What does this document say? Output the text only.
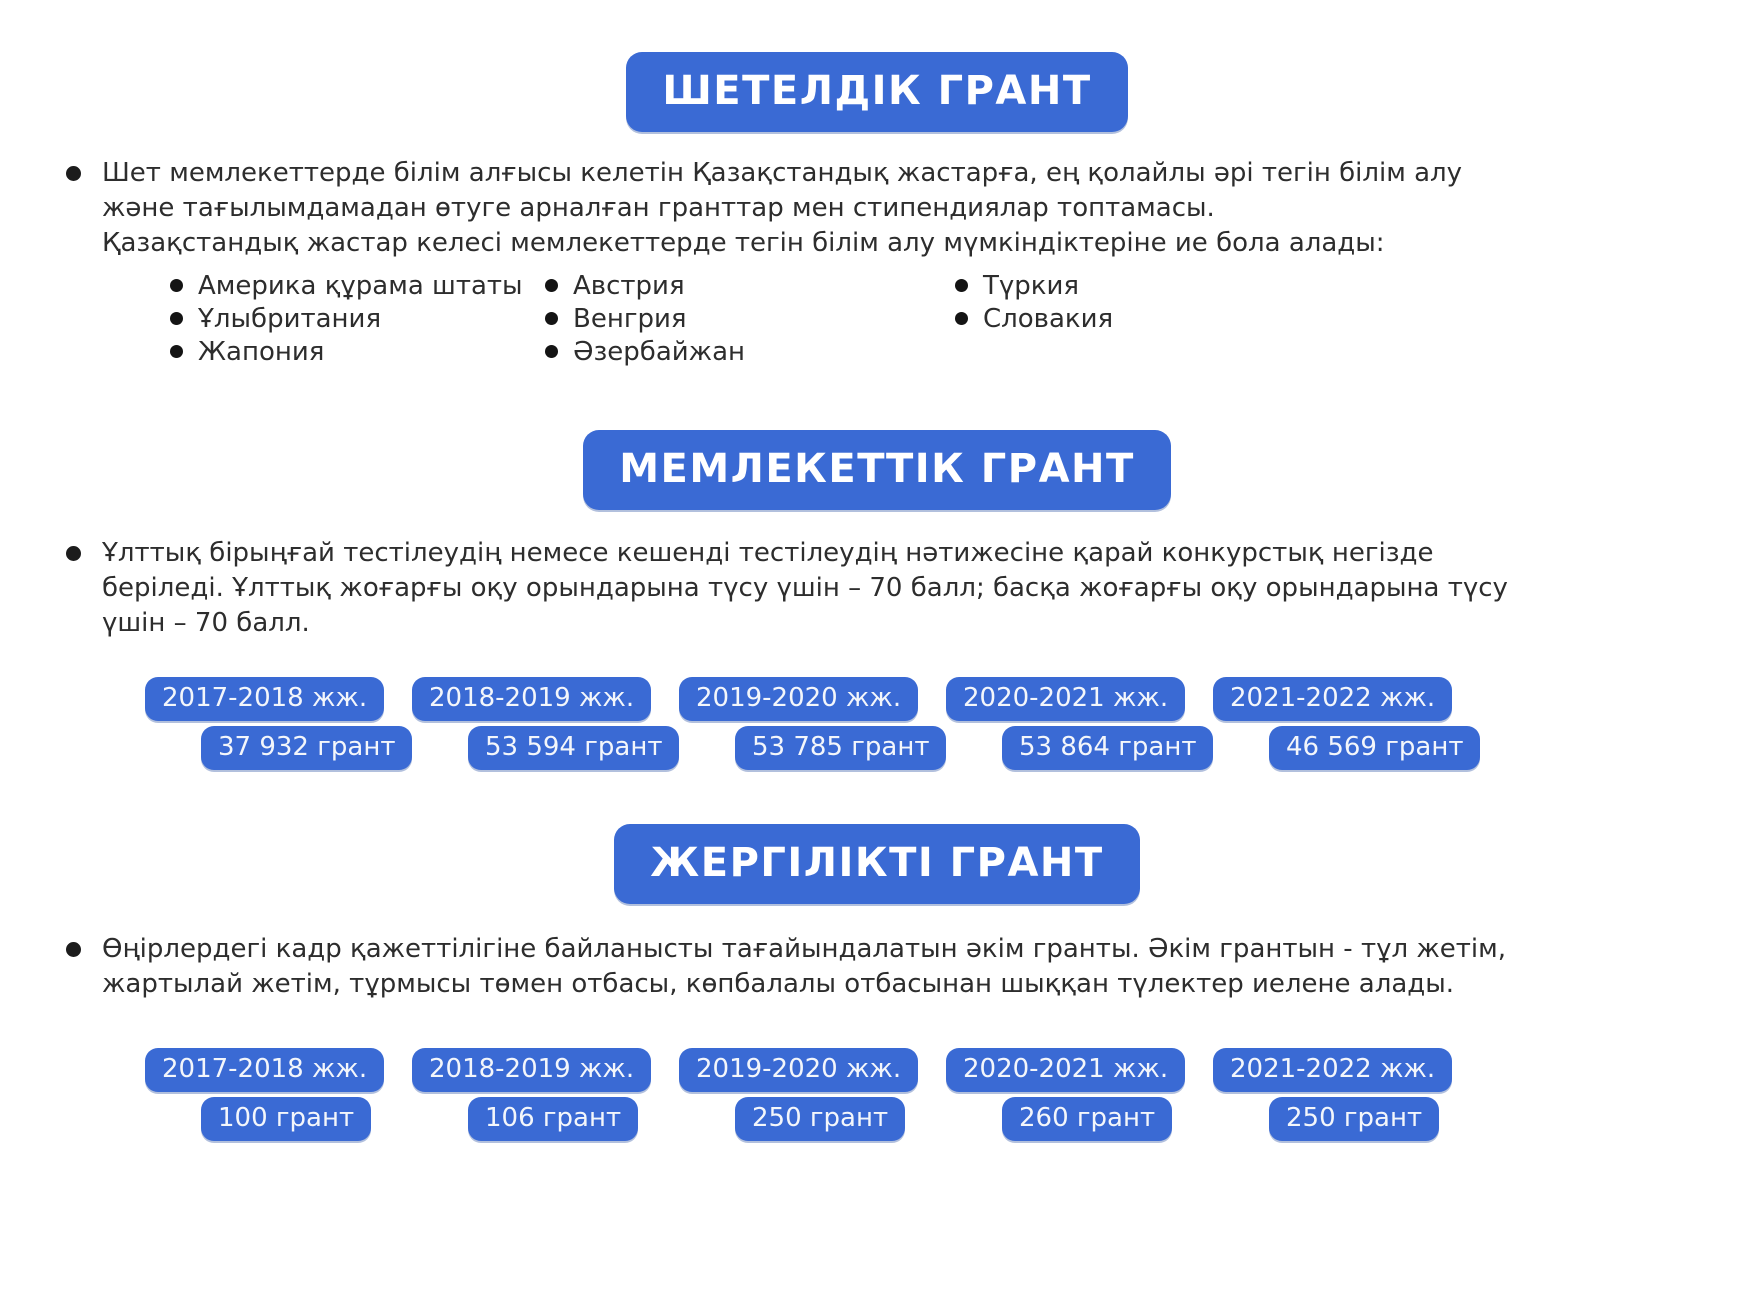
ШЕТЕЛДІК ГРАНТ
Шет мемлекеттерде білім алғысы келетін Қазақстандық жастарға, ең қолайлы әрі тегін білім алу және тағылымдамадан өтуге арналған гранттар мен стипендиялар топтамасы.
Қазақстандық жастар келесі мемлекеттерде тегін білім алу мүмкіндіктеріне ие бола алады:
Америка құрама штаты
Ұлыбритания
Жапония
Австрия
Венгрия
Әзербайжан
Түркия
Словакия
МЕМЛЕКЕТТІК ГРАНТ
Ұлттық бірыңғай тестілеудің немесе кешенді тестілеудің нәтижесіне қарай конкурстық негізде беріледі. Ұлттық жоғарғы оқу орындарына түсу үшін – 70 балл; басқа жоғарғы оқу орындарына түсу үшін – 70 балл.
2017-2018 жж.
37 932 грант
2018-2019 жж.
53 594 грант
2019-2020 жж.
53 785 грант
2020-2021 жж.
53 864 грант
2021-2022 жж.
46 569 грант
ЖЕРГІЛІКТІ ГРАНТ
Өңірлердегі кадр қажеттілігіне байланысты тағайындалатын әкім гранты. Әкім грантын - тұл жетім, жартылай жетім, тұрмысы төмен отбасы, көпбалалы отбасынан шыққан түлектер иелене алады.
2017-2018 жж.
100 грант
2018-2019 жж.
106 грант
2019-2020 жж.
250 грант
2020-2021 жж.
260 грант
2021-2022 жж.
250 грант
